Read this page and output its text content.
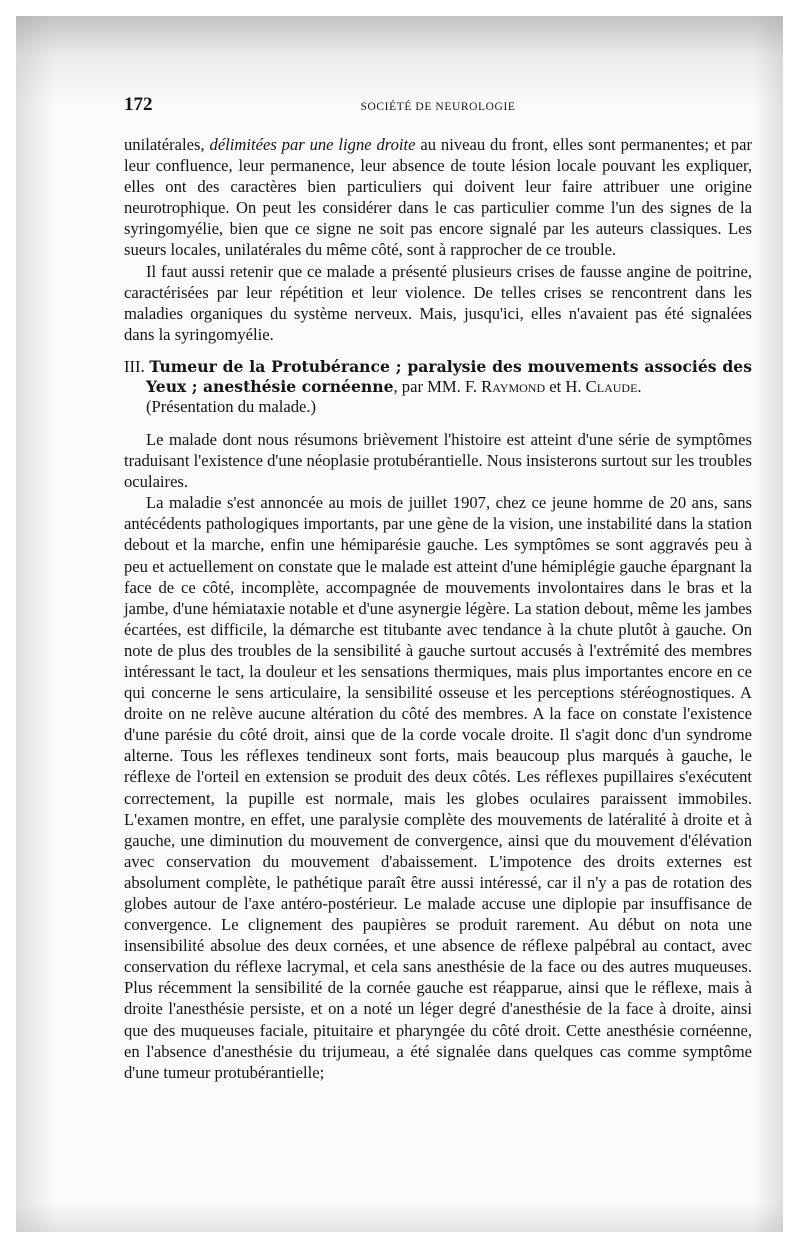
172	SOCIÉTÉ DE NEUROLOGIE

unilatérales, délimitées par une ligne droite au niveau du front, elles sont permanentes; et par leur confluence, leur permanence, leur absence de toute lésion locale pouvant les expliquer, elles ont des caractères bien particuliers qui doivent leur faire attribuer une origine neurotrophique. On peut les considérer dans le cas particulier comme l'un des signes de la syringomyélie, bien que ce signe ne soit pas encore signalé par les auteurs classiques. Les sueurs locales, unilatérales du même côté, sont à rapprocher de ce trouble.

Il faut aussi retenir que ce malade a présenté plusieurs crises de fausse angine de poitrine, caractérisées par leur répétition et leur violence. De telles crises se rencontrent dans les maladies organiques du système nerveux. Mais, jusqu'ici, elles n'avaient pas été signalées dans la syringomyélie.

III. Tumeur de la Protubérance ; paralysie des mouvements associés des Yeux ; anesthésie cornéenne, par MM. F. Raymond et H. Claude.
(Présentation du malade.)

Le malade dont nous résumons brièvement l'histoire est atteint d'une série de symptômes traduisant l'existence d'une néoplasie protubérantielle. Nous insisterons surtout sur les troubles oculaires.

La maladie s'est annoncée au mois de juillet 1907, chez ce jeune homme de 20 ans, sans antécédents pathologiques importants, par une gène de la vision, une instabilité dans la station debout et la marche, enfin une hémiparésie gauche. Les symptômes se sont aggravés peu à peu et actuellement on constate que le malade est atteint d'une hémiplégie gauche épargnant la face de ce côté, incomplète, accompagnée de mouvements involontaires dans le bras et la jambe, d'une hémiataxie notable et d'une asynergie légère. La station debout, même les jambes écartées, est difficile, la démarche est titubante avec tendance à la chute plutôt à gauche. On note de plus des troubles de la sensibilité à gauche surtout accusés à l'extrémité des membres intéressant le tact, la douleur et les sensations thermiques, mais plus importantes encore en ce qui concerne le sens articulaire, la sensibilité osseuse et les perceptions stéréognostiques. A droite on ne relève aucune altération du côté des membres. A la face on constate l'existence d'une parésie du côté droit, ainsi que de la corde vocale droite. Il s'agit donc d'un syndrome alterne. Tous les réflexes tendineux sont forts, mais beaucoup plus marqués à gauche, le réflexe de l'orteil en extension se produit des deux côtés. Les réflexes pupillaires s'exécutent correctement, la pupille est normale, mais les globes oculaires paraissent immobiles. L'examen montre, en effet, une paralysie complète des mouvements de latéralité à droite et à gauche, une diminution du mouvement de convergence, ainsi que du mouvement d'élévation avec conservation du mouvement d'abaissement. L'impotence des droits externes est absolument complète, le pathétique paraît être aussi intéressé, car il n'y a pas de rotation des globes autour de l'axe antéro-postérieur. Le malade accuse une diplopie par insuffisance de convergence. Le clignement des paupières se produit rarement. Au début on nota une insensibilité absolue des deux cornées, et une absence de réflexe palpébral au contact, avec conservation du réflexe lacrymal, et cela sans anesthésie de la face ou des autres muqueuses. Plus récemment la sensibilité de la cornée gauche est réapparue, ainsi que le réflexe, mais à droite l'anesthésie persiste, et on a noté un léger degré d'anesthésie de la face à droite, ainsi que des muqueuses faciale, pituitaire et pharyngée du côté droit. Cette anesthésie cornéenne, en l'absence d'anesthésie du trijumeau, a été signalée dans quelques cas comme symptôme d'une tumeur protubérantielle;
